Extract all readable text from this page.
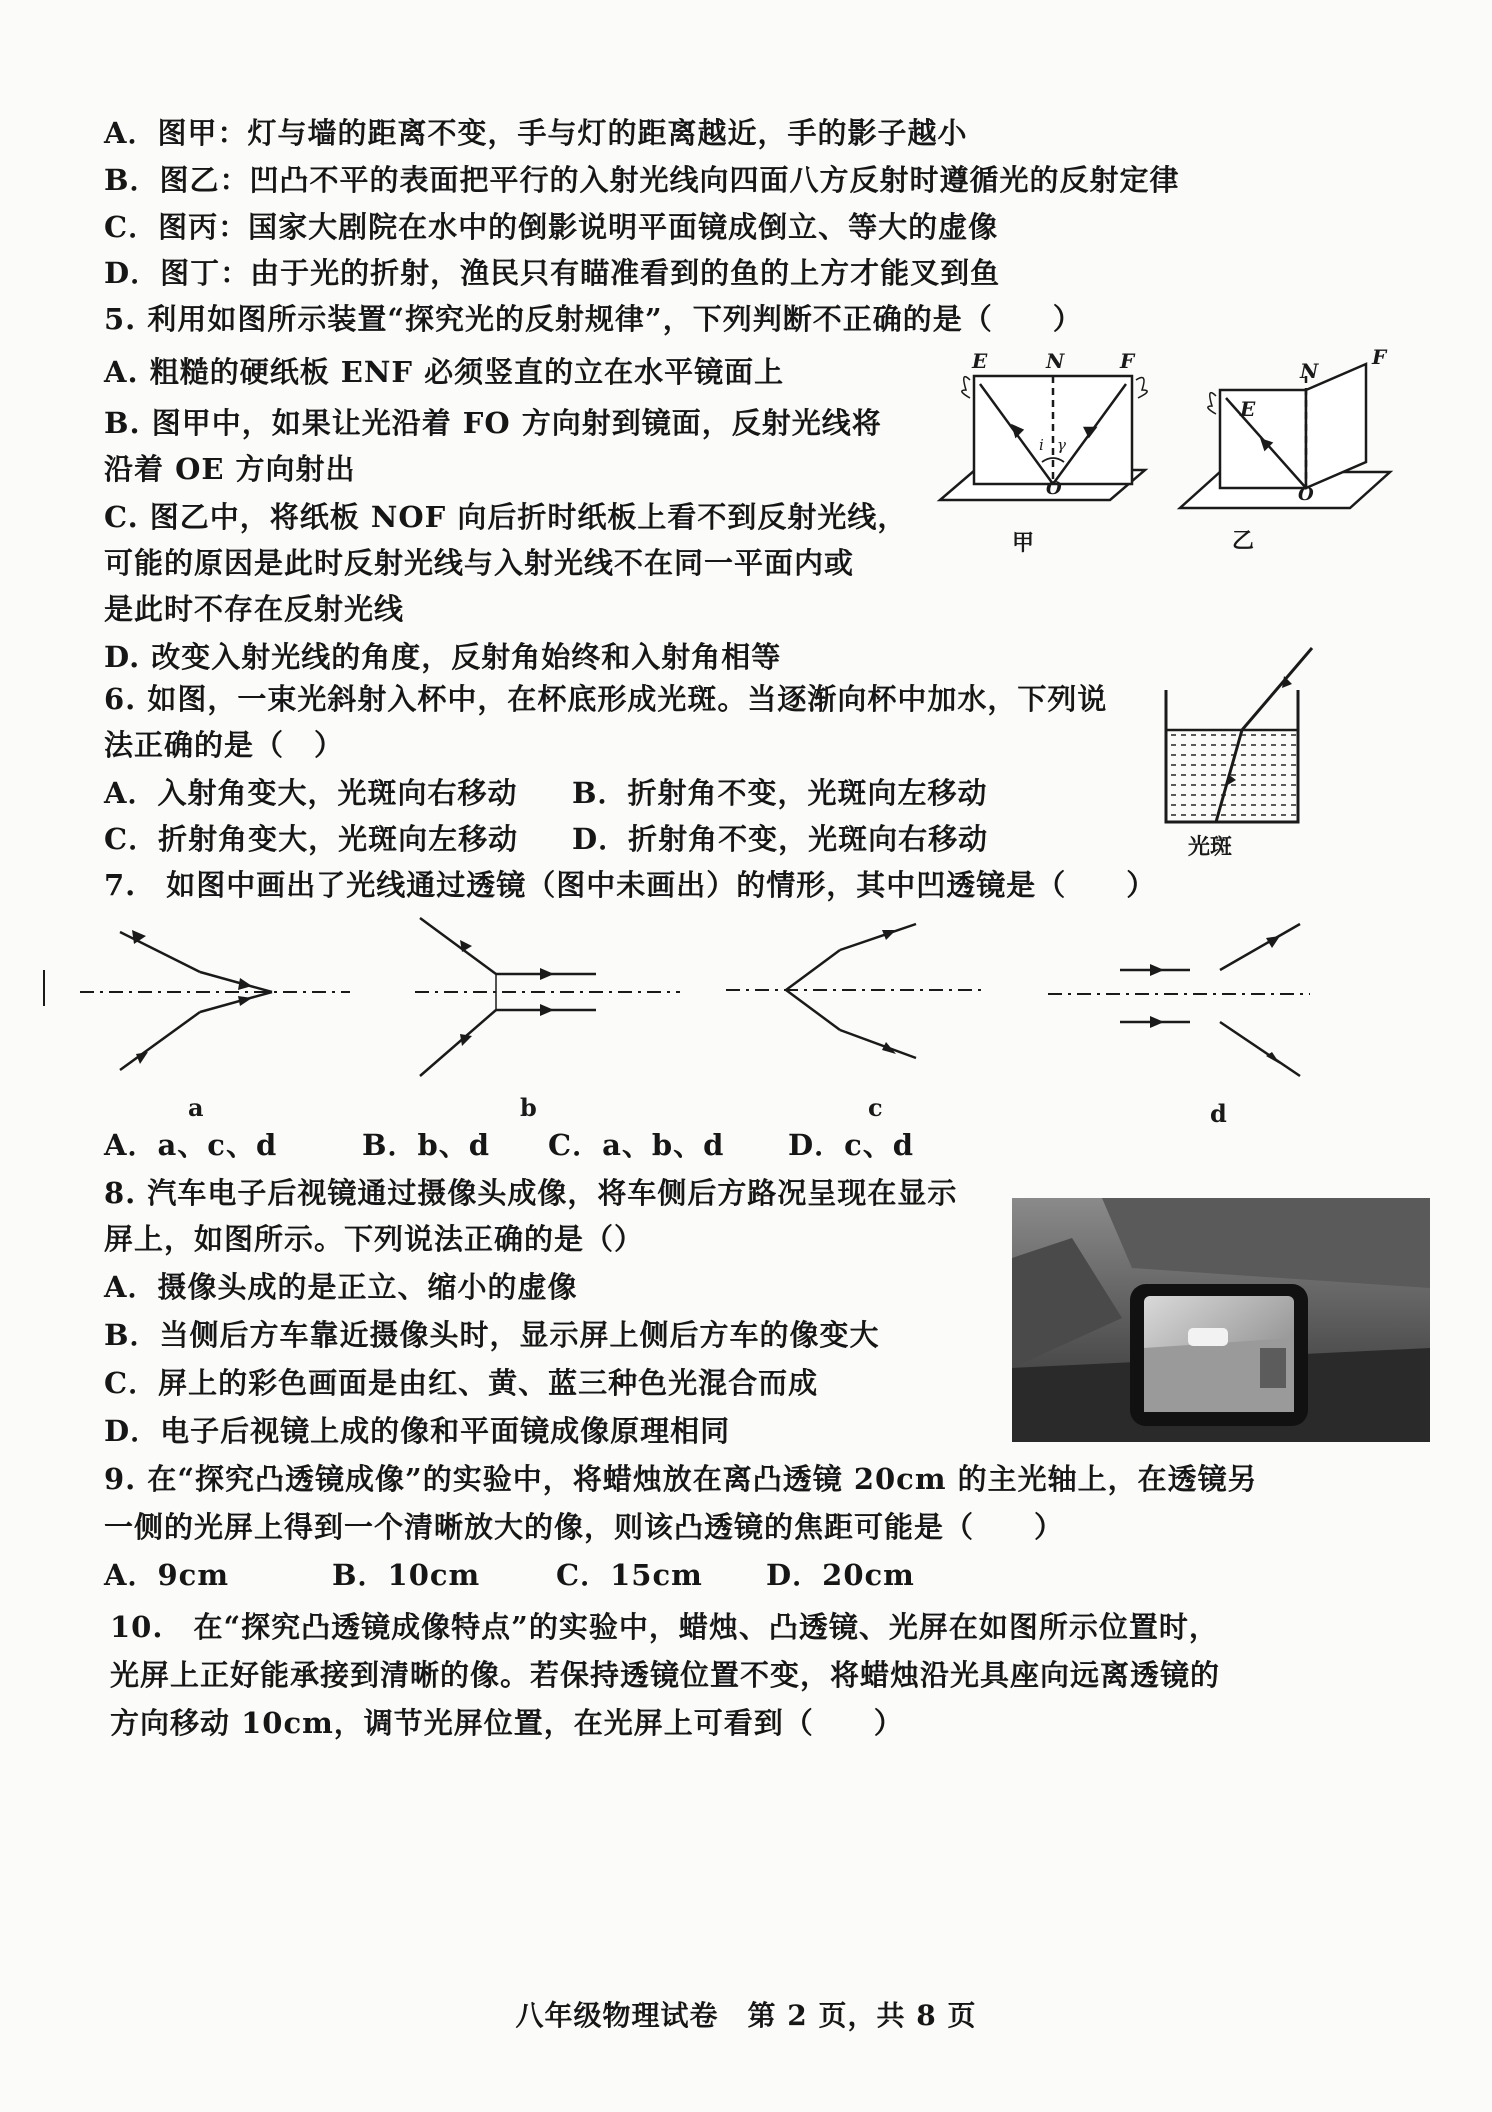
A．图甲：灯与墙的距离不变，手与灯的距离越近，手的影子越小
B．图乙：凹凸不平的表面把平行的入射光线向四面八方反射时遵循光的反射定律
C．图丙：国家大剧院在水中的倒影说明平面镜成倒立、等大的虚像
D．图丁：由于光的折射，渔民只有瞄准看到的鱼的上方才能叉到鱼
5. 利用如图所示装置“探究光的反射规律”，下列判断不正确的是（　　）
A. 粗糙的硬纸板 ENF 必须竖直的立在水平镜面上
B. 图甲中，如果让光沿着 FO 方向射到镜面，反射光线将
沿着 OE 方向射出
C. 图乙中，将纸板 NOF 向后折时纸板上看不到反射光线，
可能的原因是此时反射光线与入射光线不在同一平面内或
是此时不存在反射光线
D. 改变入射光线的角度，反射角始终和入射角相等
E	N	F
i γ
O
甲
E
N
F
O
乙
6. 如图，一束光斜射入杯中，在杯底形成光斑。当逐渐向杯中加水，下列说
法正确的是（　）
A．入射角变大，光斑向右移动 B．折射角不变，光斑向左移动
C．折射角变大，光斑向左移动 D．折射角不变，光斑向右移动	光斑
7.　如图中画出了光线通过透镜（图中未画出）的情形，其中凹透镜是（　　）
a	b	c	d
A．a、c、d	B．b、d C．a、b、d D．c、d
8. 汽车电子后视镜通过摄像头成像，将车侧后方路况呈现在显示
屏上，如图所示。下列说法正确的是（）
A．摄像头成的是正立、缩小的虚像
B．当侧后方车靠近摄像头时，显示屏上侧后方车的像变大
C．屏上的彩色画面是由红、黄、蓝三种色光混合而成
D．电子后视镜上成的像和平面镜成像原理相同
9. 在“探究凸透镜成像”的实验中，将蜡烛放在离凸透镜 20cm 的主光轴上，在透镜另
一侧的光屏上得到一个清晰放大的像，则该凸透镜的焦距可能是（　　）
A．9cm	B．10cm	C．15cm D．20cm
10.　在“探究凸透镜成像特点”的实验中，蜡烛、凸透镜、光屏在如图所示位置时，
光屏上正好能承接到清晰的像。若保持透镜位置不变，将蜡烛沿光具座向远离透镜的
方向移动 10cm，调节光屏位置，在光屏上可看到（　　）
八年级物理试卷　第 2 页，共 8 页
